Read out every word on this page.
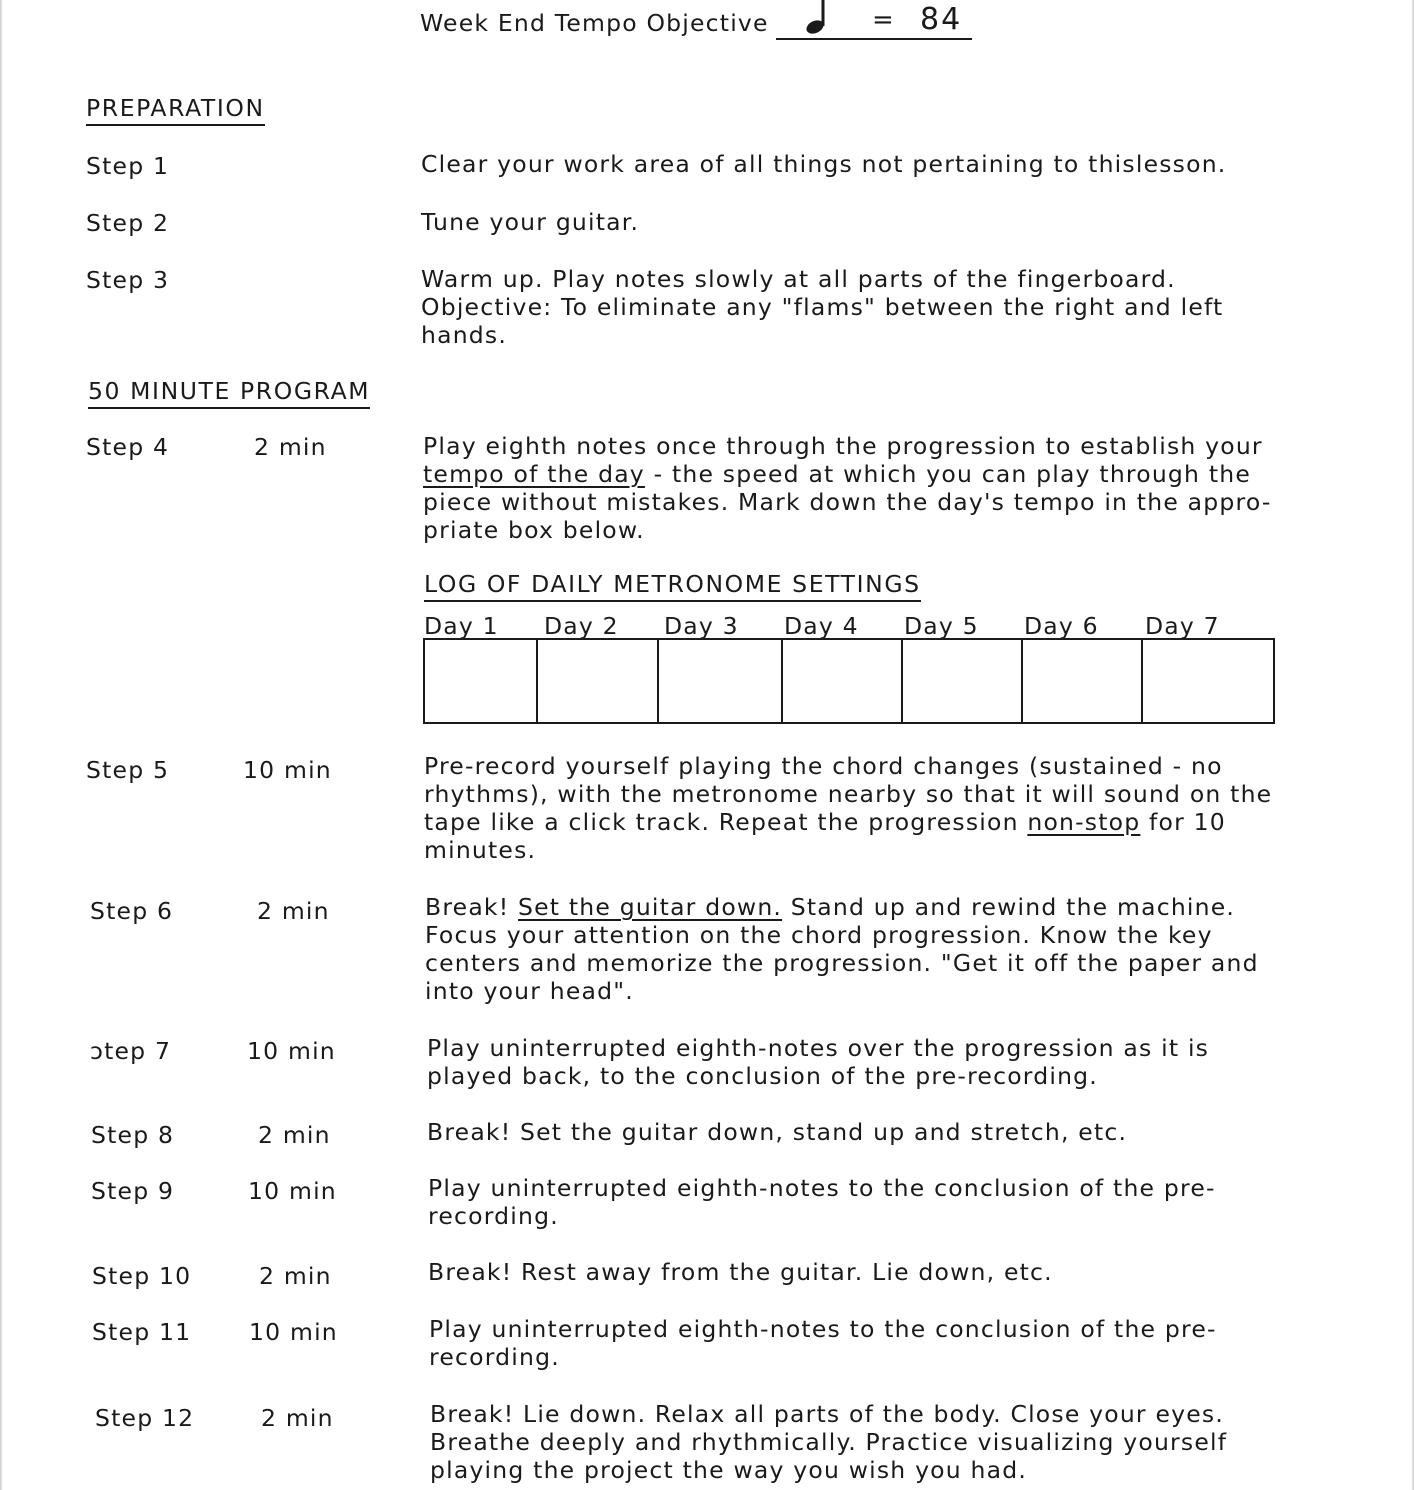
Week End Tempo Objective	= 84
PREPARATION
Step 1	Clear your work area of all things not pertaining to thislesson.
Step 2	Tune your guitar.
Step 3	Warm up. Play notes slowly at all parts of the fingerboard.
Objective: To eliminate any "flams" between the right and left
hands.
50 MINUTE PROGRAM
Step 4	2 min	Play eighth notes once through the progression to establish your
tempo of the day - the speed at which you can play through the
piece without mistakes. Mark down the day's tempo in the appro-
priate box below.
LOG OF DAILY METRONOME SETTINGS
Day 1 Day 2 Day 3 Day 4 Day 5 Day 6 Day 7
Step 5	10 min	Pre-record yourself playing the chord changes (sustained - no
rhythms), with the metronome nearby so that it will sound on the
tape like a click track. Repeat the progression non-stop for 10
minutes.
Step 6	2 min	Break! Set the guitar down. Stand up and rewind the machine.
Focus your attention on the chord progression. Know the key
centers and memorize the progression. "Get it off the paper and
into your head".
ɔtep 7	10 min	Play uninterrupted eighth-notes over the progression as it is
played back, to the conclusion of the pre-recording.
Step 8	2 min	Break! Set the guitar down, stand up and stretch, etc.
Step 9	10 min	Play uninterrupted eighth-notes to the conclusion of the pre-
recording.
Step 10	2 min	Break! Rest away from the guitar. Lie down, etc.
Step 11 10 min	Play uninterrupted eighth-notes to the conclusion of the pre-
recording.
Step 12	2 min	Break! Lie down. Relax all parts of the body. Close your eyes.
Breathe deeply and rhythmically. Practice visualizing yourself
playing the project the way you wish you had.
